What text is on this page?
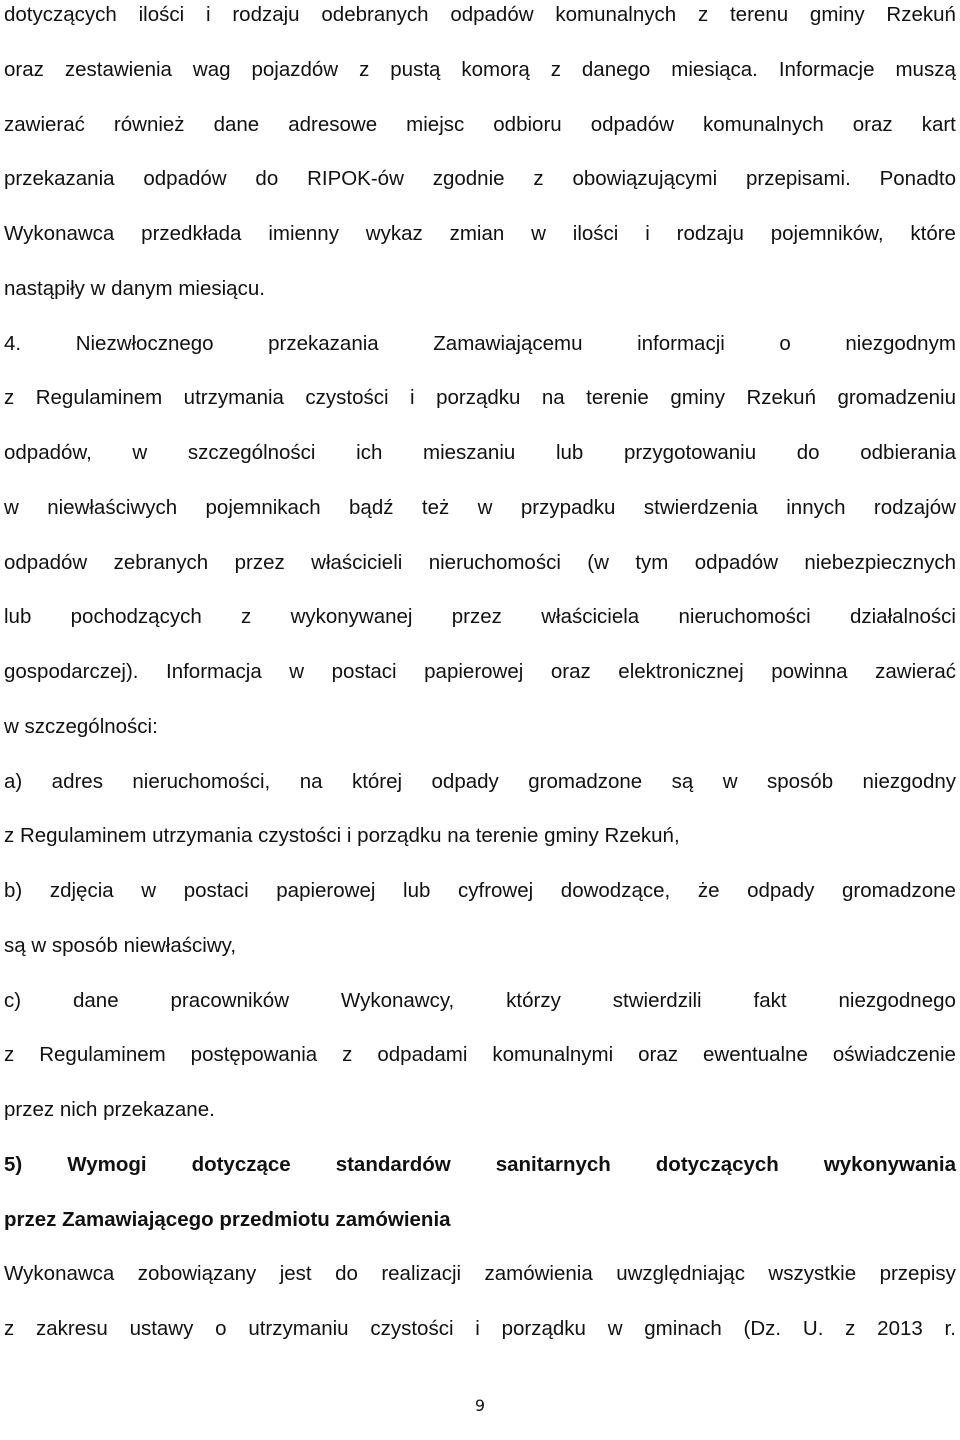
dotyczących ilości i rodzaju odebranych odpadów komunalnych z terenu gminy Rzekuń
oraz zestawienia wag pojazdów z pustą komorą z danego miesiąca. Informacje muszą
zawierać również dane adresowe miejsc odbioru odpadów komunalnych oraz kart
przekazania odpadów do RIPOK-ów zgodnie z obowiązującymi przepisami. Ponadto
Wykonawca przedkłada imienny wykaz zmian w ilości i rodzaju pojemników, które
nastąpiły w danym miesiącu.
4.	Niezwłocznego	przekazania	Zamawiającemu	informacji	o	niezgodnym
z Regulaminem utrzymania czystości i porządku na terenie gminy Rzekuń gromadzeniu
odpadów, w szczególności ich mieszaniu lub przygotowaniu do odbierania
w niewłaściwych pojemnikach bądź też w przypadku stwierdzenia innych rodzajów
odpadów zebranych przez właścicieli nieruchomości (w tym odpadów niebezpiecznych
lub pochodzących z wykonywanej przez właściciela nieruchomości działalności
gospodarczej). Informacja w postaci papierowej oraz elektronicznej powinna zawierać
w szczególności:
a) adres nieruchomości, na której odpady gromadzone są w sposób niezgodny
z Regulaminem utrzymania czystości i porządku na terenie gminy Rzekuń,
b) zdjęcia w postaci papierowej lub cyfrowej dowodzące, że odpady gromadzone
są w sposób niewłaściwy,
c)	dane	pracowników	Wykonawcy,	którzy	stwierdzili	fakt	niezgodnego
z Regulaminem postępowania z odpadami komunalnymi oraz ewentualne oświadczenie
przez nich przekazane.
5) Wymogi dotyczące standardów sanitarnych dotyczących wykonywania
przez Zamawiającego przedmiotu zamówienia
Wykonawca zobowiązany jest do realizacji zamówienia uwzględniając wszystkie przepisy
z zakresu ustawy o utrzymaniu czystości i porządku w gminach (Dz. U. z 2013 r.
9
